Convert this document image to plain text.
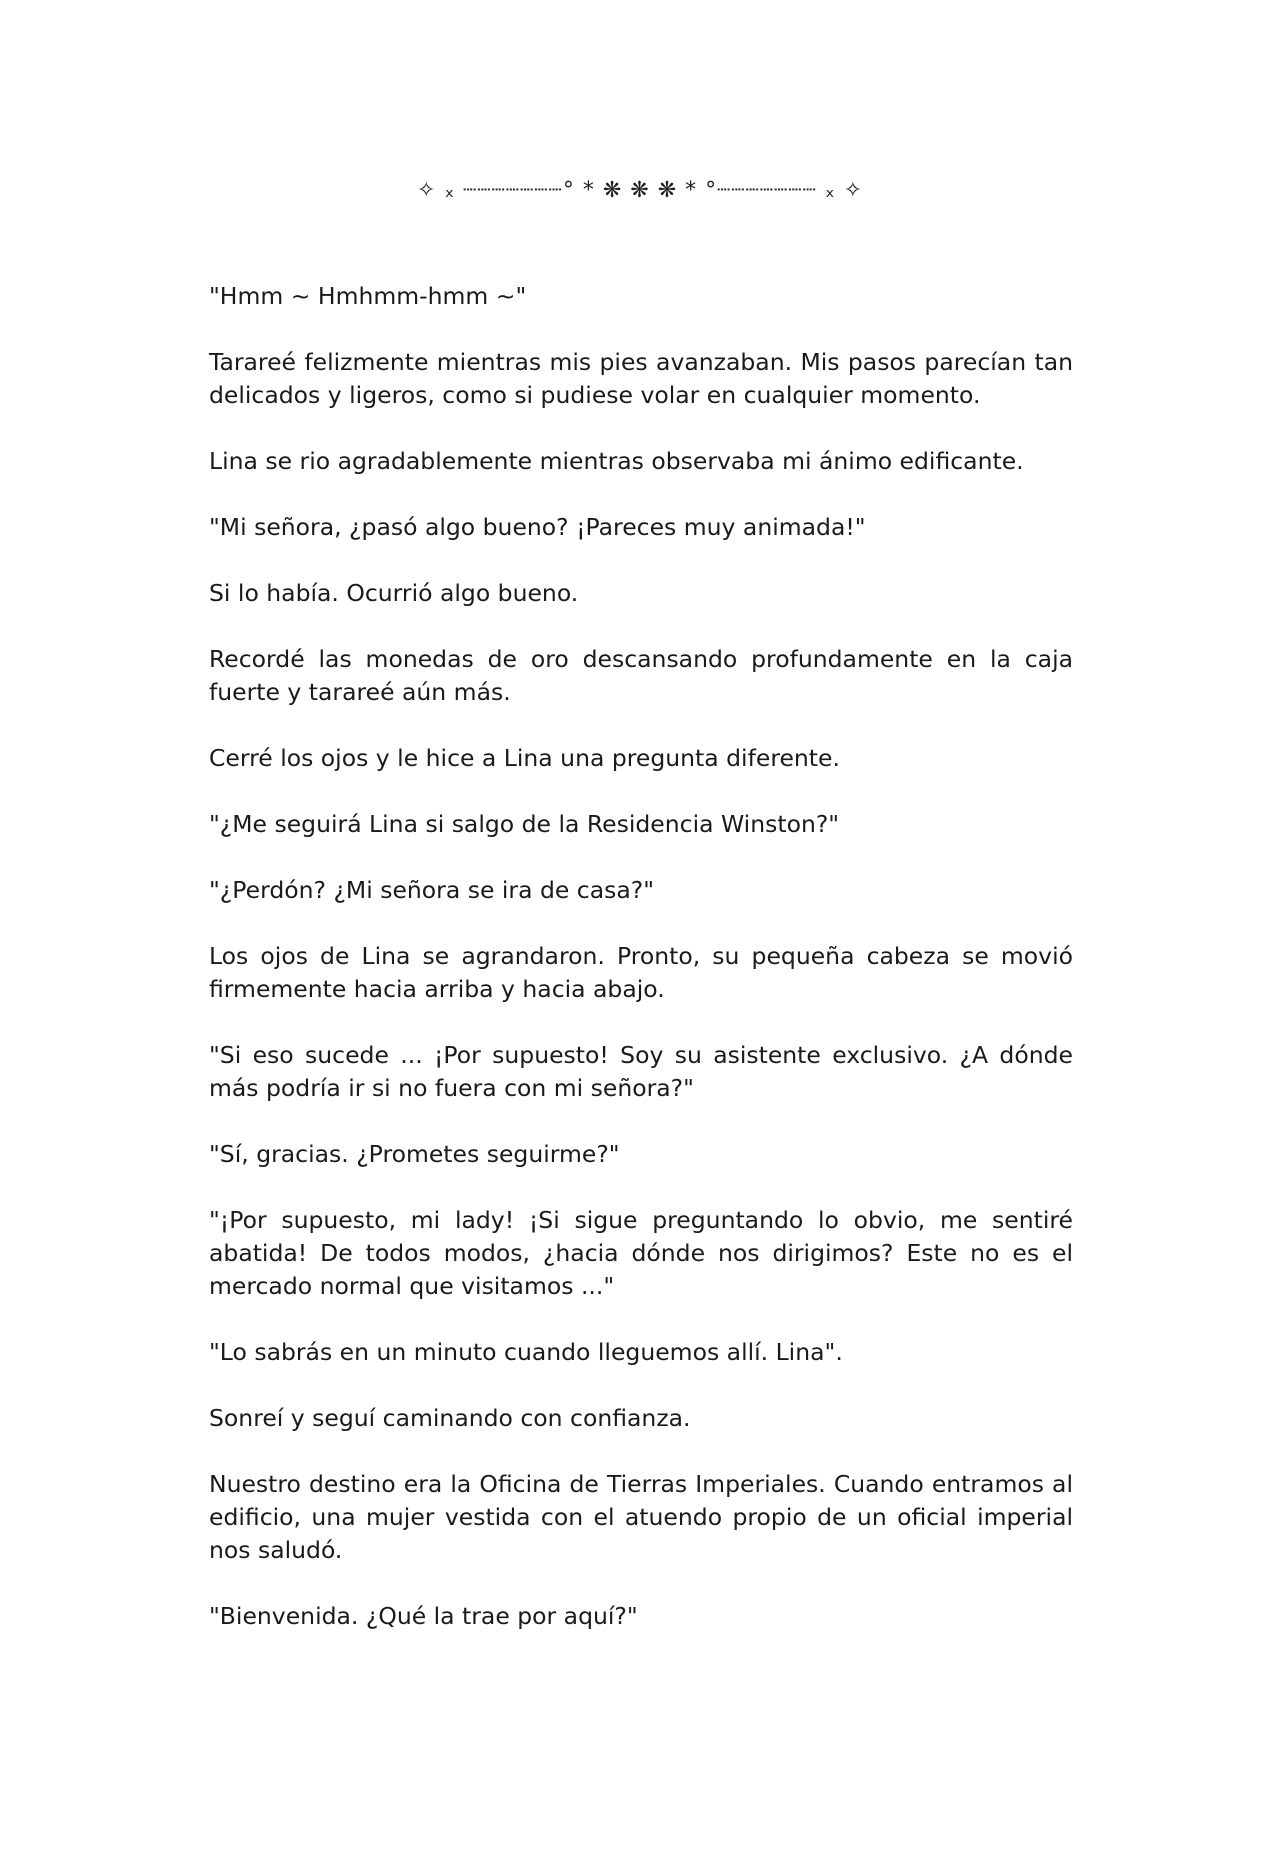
✧ ₓ ┈┈┈┈┈┈┈° * ❋ ❋ ❋ * °┈┈┈┈┈┈┈ ₓ ✧

"Hmm ~ Hmhmm-hmm ~"

Tarareé felizmente mientras mis pies avanzaban. Mis pasos parecían tan delicados y ligeros, como si pudiese volar en cualquier momento.

Lina se rio agradablemente mientras observaba mi ánimo edificante.

"Mi señora, ¿pasó algo bueno? ¡Pareces muy animada!"

Si lo había. Ocurrió algo bueno.

Recordé las monedas de oro descansando profundamente en la caja fuerte y tarareé aún más.

Cerré los ojos y le hice a Lina una pregunta diferente.

"¿Me seguirá Lina si salgo de la Residencia Winston?"

"¿Perdón? ¿Mi señora se ira de casa?"

Los ojos de Lina se agrandaron. Pronto, su pequeña cabeza se movió firmemente hacia arriba y hacia abajo.

"Si eso sucede ... ¡Por supuesto! Soy su asistente exclusivo. ¿A dónde más podría ir si no fuera con mi señora?"

"Sí, gracias. ¿Prometes seguirme?"

"¡Por supuesto, mi lady! ¡Si sigue preguntando lo obvio, me sentiré abatida! De todos modos, ¿hacia dónde nos dirigimos? Este no es el mercado normal que visitamos ..."

"Lo sabrás en un minuto cuando lleguemos allí. Lina".

Sonreí y seguí caminando con confianza.

Nuestro destino era la Oficina de Tierras Imperiales. Cuando entramos al edificio, una mujer vestida con el atuendo propio de un oficial imperial nos saludó.

"Bienvenida. ¿Qué la trae por aquí?"
